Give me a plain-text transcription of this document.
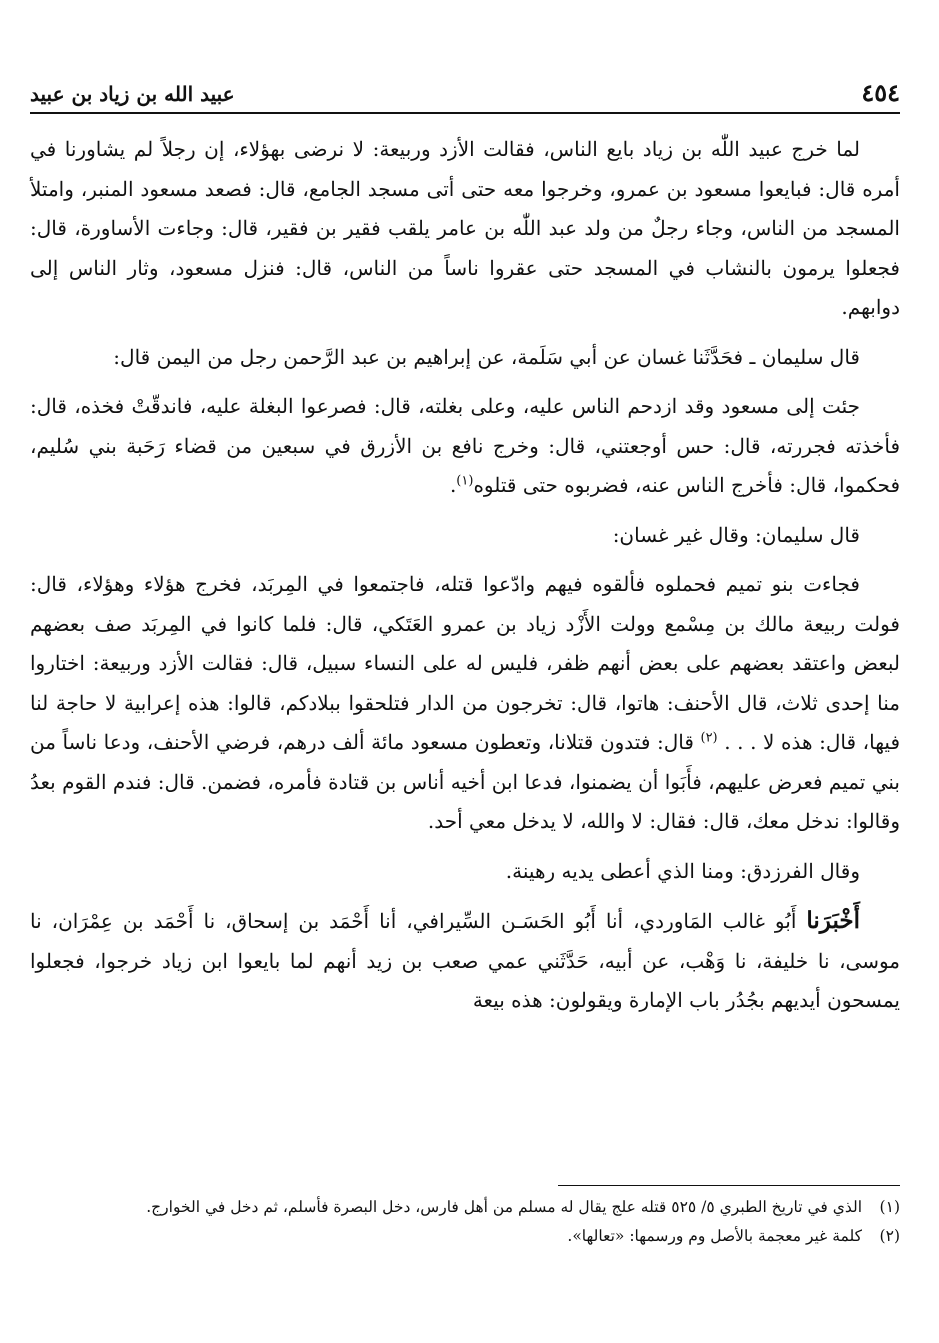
٤٥٤
عبيد الله بن زياد بن عبيد

لما خرج عبيد اللّٰه بن زياد بايع الناس، فقالت الأزد وربيعة: لا نرضى بهؤلاء، إن رجلاً لم يشاورنا في أمره قال: فبايعوا مسعود بن عمرو، وخرجوا معه حتى أتى مسجد الجامع، قال: فصعد مسعود المنبر، وامتلأ المسجد من الناس، وجاء رجلٌ من ولد عبد اللّٰه بن عامر يلقب فقير بن فقير، قال: وجاءت الأساورة، قال: فجعلوا يرمون بالنشاب في المسجد حتى عقروا ناساً من الناس، قال: فنزل مسعود، وثار الناس إلى دوابهم.

قال سليمان ـ فحَدَّثَنا غسان عن أبي سَلَمة، عن إبراهيم بن عبد الرَّحمن رجل من اليمن قال:

جئت إلى مسعود وقد ازدحم الناس عليه، وعلى بغلته، قال: فصرعوا البغلة عليه، فاندقّتْ فخذه، قال: فأخذته فجررته، قال: حس أوجعتني، قال: وخرج نافع بن الأزرق في سبعين من قضاء رَحَبة بني سُليم، فحكموا، قال: فأخرج الناس عنه، فضربوه حتى قتلوه$^{(١)}$.

قال سليمان: وقال غير غسان:

فجاءت بنو تميم فحملوه فألقوه فيهم وادّعوا قتله، فاجتمعوا في المِربَد، فخرج هؤلاء وهؤلاء، قال: فولت ربيعة مالك بن مِسْمع وولت الأَزْد زياد بن عمرو العَتَكي، قال: فلما كانوا في المِربَد صف بعضهم لبعض واعتقد بعضهم على بعض أنهم ظفر، فليس له على النساء سبيل، قال: فقالت الأزد وربيعة: اختاروا منا إحدى ثلاث، قال الأحنف: هاتوا، قال: تخرجون من الدار فتلحقوا ببلادكم، قالوا: هذه إعرابية لا حاجة لنا فيها، قال: هذه لا . . . $^{(٢)}$ قال: فتدون قتلانا، وتعطون مسعود مائة ألف درهم، فرضي الأحنف، ودعا ناساً من بني تميم فعرض عليهم، فأَبَوا أن يضمنوا، فدعا ابن أخيه أناس بن قتادة فأمره، فضمن. قال: فندم القوم بعدُ وقالوا: ندخل معك، قال: فقال: لا والله، لا يدخل معي أحد.

وقال الفرزدق: ومنا الذي أعطى يديه رهينة.

أَخْبَرَنا أَبُو غالب المَاوردي، أنا أَبُو الحَسَـن السِّيرافي، أنا أَحْمَد بن إسحاق، نا أَحْمَد بن عِمْرَان، نا موسى، نا خليفة، نا وَهْب، عن أبيه، حَدَّثَني عمي صعب بن زيد أنهم لما بايعوا ابن زياد خرجوا، فجعلوا يمسحون أيديهم بجُدُر باب الإمارة ويقولون: هذه بيعة

(١)
الذي في تاريخ الطبري ٥/ ٥٢٥ قتله علج يقال له مسلم من أهل فارس، دخل البصرة فأسلم، ثم دخل في الخوارج.
(٢)
كلمة غير معجمة بالأصل وم ورسمها: «تعالها».
